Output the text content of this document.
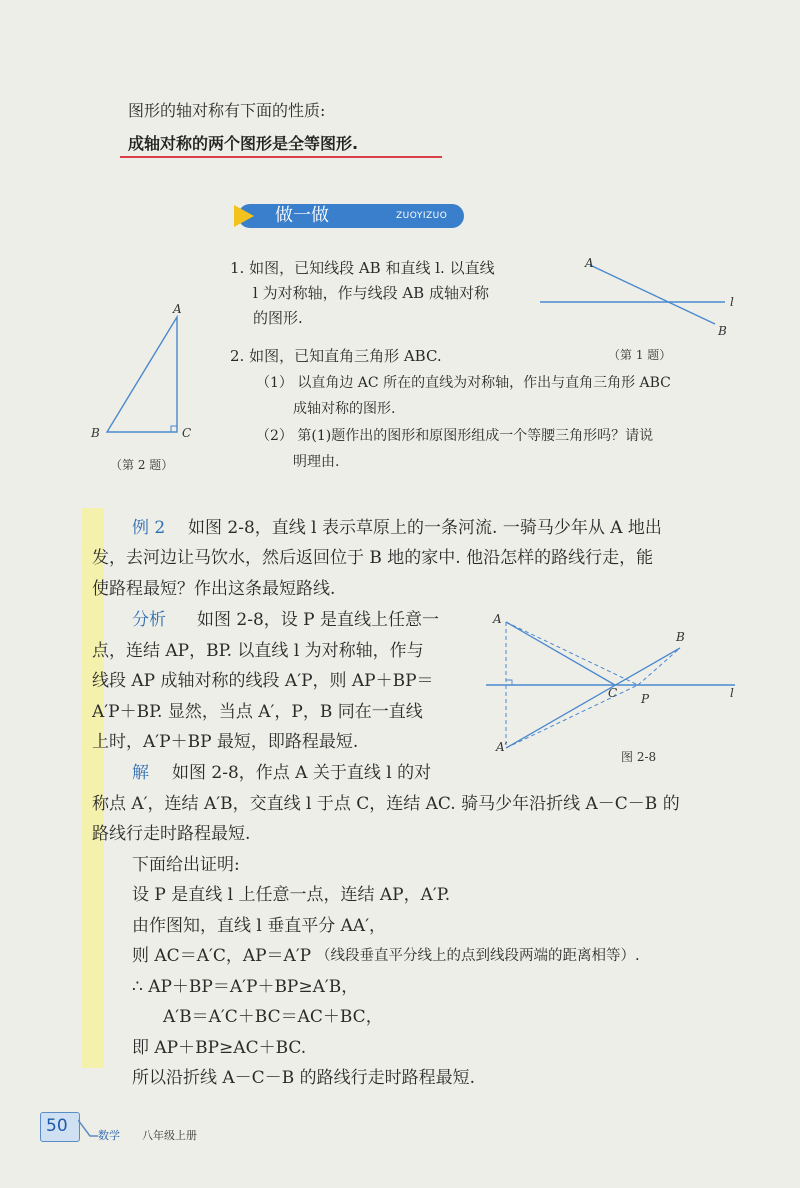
图形的轴对称有下面的性质:
成轴对称的两个图形是全等图形.
做一做	ZUOYIZUO
1. 如图，已知线段 AB 和直线 l. 以直线
l 为对称轴，作与线段 AB 成轴对称
的图形.
2. 如图，已知直角三角形 ABC.
（1） 以直角边 AC 所在的直线为对称轴，作出与直角三角形 ABC
成轴对称的图形.
（2） 第(1)题作出的图形和原图形组成一个等腰三角形吗？请说
明理由.
A
B
l
（第 1 题）
A
B	C
（第 2 题）
例 2 如图 2-8，直线 l 表示草原上的一条河流. 一骑马少年从 A 地出
发，去河边让马饮水，然后返回位于 B 地的家中. 他沿怎样的路线行走，能
使路程最短？作出这条最短路线.
分析 如图 2-8，设 P 是直线上任意一
点，连结 AP，BP. 以直线 l 为对称轴，作与
线段 AP 成轴对称的线段 A′P，则 AP＋BP＝
A′P＋BP. 显然，当点 A′，P，B 同在一直线
上时，A′P＋BP 最短，即路程最短.
解 如图 2-8，作点 A 关于直线 l 的对
称点 A′，连结 A′B，交直线 l 于点 C，连结 AC. 骑马少年沿折线 A－C－B 的
路线行走时路程最短.
下面给出证明:
设 P 是直线 l 上任意一点，连结 AP，A′P.
由作图知，直线 l 垂直平分 AA′，
则 AC＝A′C，AP＝A′P （线段垂直平分线上的点到线段两端的距离相等）.
∴ AP＋BP＝A′P＋BP≥A′B，
A′B＝A′C＋BC＝AC＋BC，
即 AP＋BP≥AC＋BC.
所以沿折线 A－C－B 的路线行走时路程最短.
A
B
C P
A′
l
图 2-8
50	数学 八年级上册
